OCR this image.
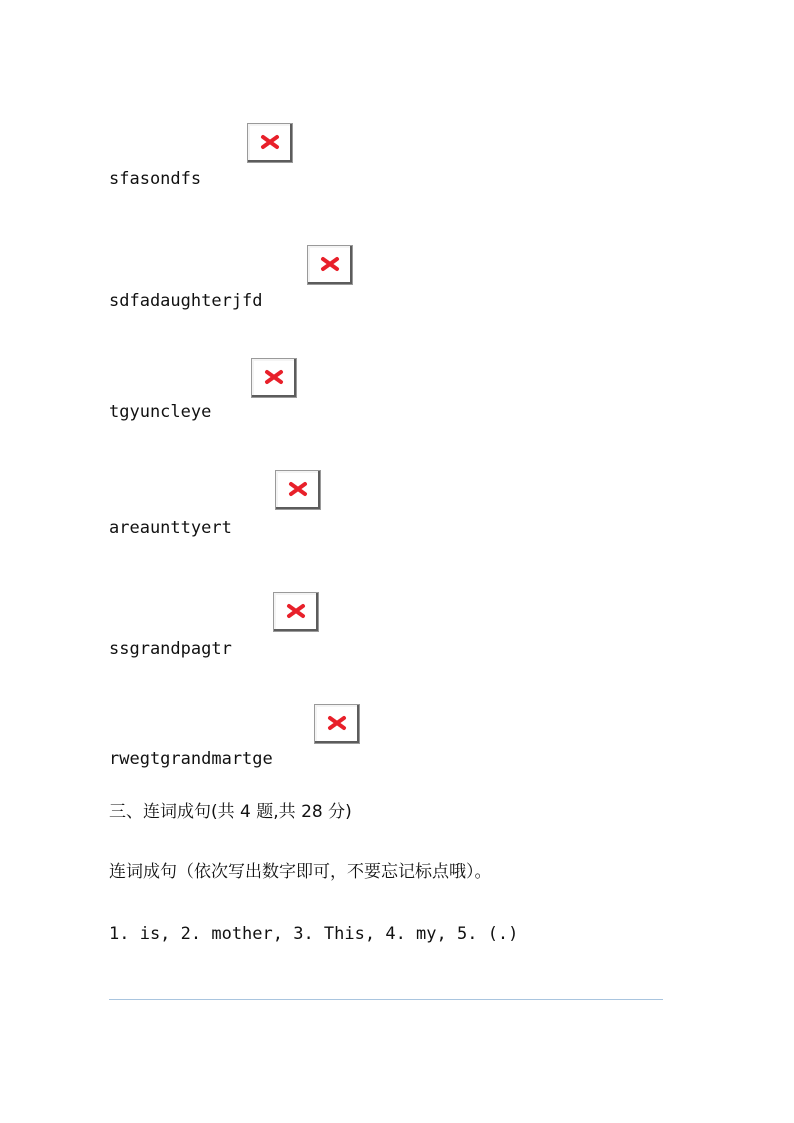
sfasondfs
sdfadaughterjfd
tgyuncleye
areaunttyert
ssgrandpagtr
rwegtgrandmartge
三、连词成句(共 4 题,共 28 分)
连词成句（依次写出数字即可，不要忘记标点哦）。
1. is, 2. mother, 3. This, 4. my, 5. (.)
